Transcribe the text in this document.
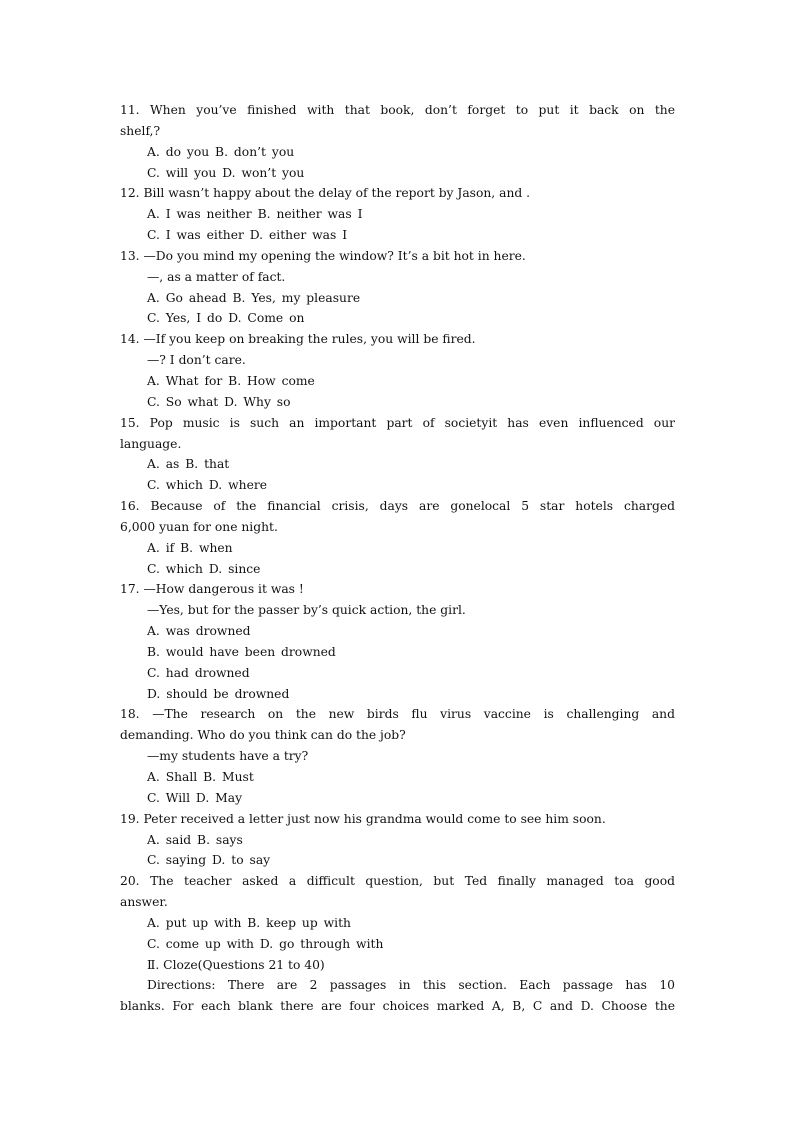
11. When you’ve finished with that book, don’t forget to put it back on the
shelf,?
A. do you B. don’t you
C. will you D. won’t you
12. Bill wasn’t happy about the delay of the report by Jason, and .
A. I was neither B. neither was I
C. I was either D. either was I
13. —Do you mind my opening the window? It’s a bit hot in here.
—, as a matter of fact.
A. Go ahead B. Yes, my pleasure
C. Yes, I do D. Come on
14. —If you keep on breaking the rules, you will be fired.
—? I don’t care.
A. What for B. How come
C. So what D. Why so
15. Pop music is such an important part of societyit has even influenced our
language.
A. as B. that
C. which D. where
16. Because of the financial crisis, days are gonelocal 5 star hotels charged
6,000 yuan for one night.
A. if B. when
C. which D. since
17. —How dangerous it was !
—Yes, but for the passer by’s quick action, the girl.
A. was drowned
B. would have been drowned
C. had drowned
D. should be drowned
18. —The research on the new birds flu virus vaccine is challenging and
demanding. Who do you think can do the job?
—my students have a try?
A. Shall B. Must
C. Will D. May
19. Peter received a letter just now his grandma would come to see him soon.
A. said B. says
C. saying D. to say
20. The teacher asked a difficult question, but Ted finally managed toa good
answer.
A. put up with B. keep up with
C. come up with D. go through with
Ⅱ. Cloze(Questions 21 to 40)
Directions: There are 2 passages in this section. Each passage has 10
blanks. For each blank there are four choices marked A, B, C and D. Choose the
